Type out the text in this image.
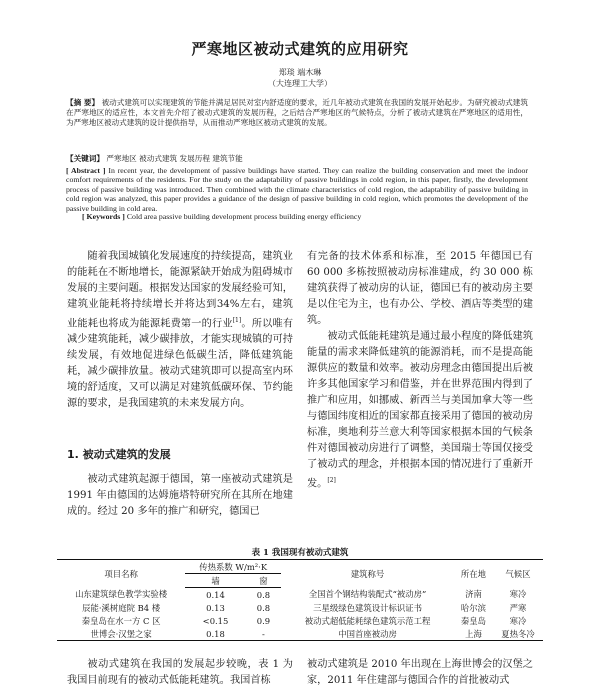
严寒地区被动式建筑的应用研究
郑琰 端木琳
（大连理工大学）
【摘 要】 被动式建筑可以实现建筑的节能并满足居民对室内舒适度的要求，近几年被动式建筑在我国的发展开始起步。为研究被动式建筑在严寒地区的适应性，本文首先介绍了被动式建筑的发展历程，之后结合严寒地区的气候特点，分析了被动式建筑在严寒地区的适用性，为严寒地区被动式建筑的设计提供指导，从而推动严寒地区被动式建筑的发展。
【关键词】 严寒地区 被动式建筑 发展历程 建筑节能
[ Abstract ] In recent year, the development of passive buildings have started. They can realize the building conservation and meet the indoor comfort requirements of the residents. For the study on the adaptability of passive buildings in cold region, in this paper, firstly, the development process of passive building was introduced. Then combined with the climate characteristics of cold region, the adaptability of passive building in cold region was analyzed, this paper provides a guidance of the design of passive building in cold region, which promotes the development of the passive building in cold area.
[ Keywords ] Cold area passive building development process building energy efficiency

随着我国城镇化发展速度的持续提高，建筑业的能耗在不断地增长，能源紧缺开始成为阻碍城市发展的主要问题。根据发达国家的发展经验可知，建筑业能耗将持续增长并将达到34%左右，建筑业能耗也将成为能源耗费第一的行业[1]。所以唯有减少建筑能耗，减少碳排放，才能实现城镇的可持续发展，有效地促进绿色低碳生活，降低建筑能耗，减少碳排放量。被动式建筑即可以提高室内环境的舒适度，又可以满足对建筑低碳环保、节约能源的要求，是我国建筑的未来发展方向。

1. 被动式建筑的发展

被动式建筑起源于德国，第一座被动式建筑是 1991 年由德国的达姆施塔特研究所在其所在地建成的。经过 20 多年的推广和研究，德国已

有完备的技术体系和标准，至 2015 年德国已有 60 000 多栋按照被动房标准建成，约 30 000 栋建筑获得了被动房的认证，德国已有的被动房主要是以住宅为主，也有办公、学校、酒店等类型的建筑。

被动式低能耗建筑是通过最小程度的降低建筑能量的需求来降低建筑的能源消耗，而不是提高能源供应的数量和效率。被动房理念由德国提出后被许多其他国家学习和借鉴，并在世界范围内得到了推广和应用，如挪威、新西兰与美国加拿大等一些与德国纬度相近的国家都直接采用了德国的被动房标准，奥地利芬兰意大利等国家根据本国的气候条件对德国被动房进行了调整，美国瑞士等国仅接受了被动式的理念，并根据本国的情况进行了重新开发。[2]

表 1 我国现有被动式建筑
项目名称	传热系数 W/m²·K		建筑称号	所在地	气候区
	墙	窗			
山东建筑绿色教学实验楼	0.14	0.8	全国首个钢结构装配式“被动房”	济南	寒冷
辰能·溪树庭院 B4 楼	0.13	0.8	三星级绿色建筑设计标识证书	哈尔滨	严寒
秦皇岛在水一方 C 区	<0.15	0.9	被动式超低能耗绿色建筑示范工程	秦皇岛	寒冷
世博会·汉堡之家	0.18	-	中国首座被动房	上海	夏热冬冷

被动式建筑在我国的发展起步较晚，表 1 为我国目前现有的被动式低能耗建筑。我国首栋

被动式建筑是 2010 年出现在上海世博会的汉堡之家，2011 年住建部与德国合作的首批被动式
